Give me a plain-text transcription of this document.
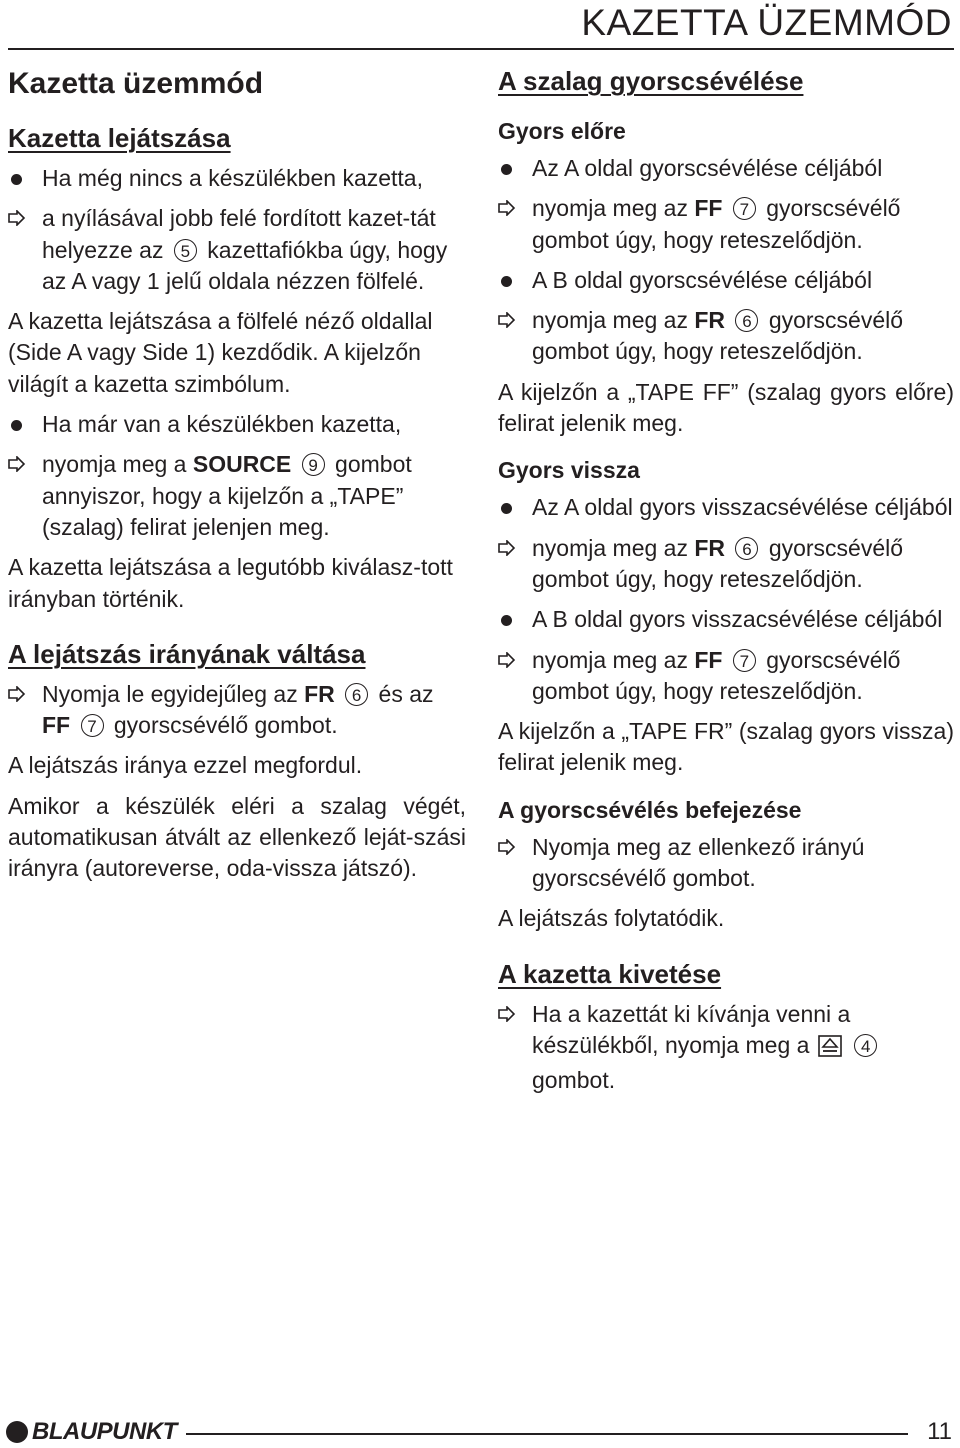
KAZETTA ÜZEMMÓD
Kazetta üzemmód
Kazetta lejátszása
Ha még nincs a készülékben kazetta,
a nyílásával jobb felé fordított kazet-tát helyezze az 5 kazettafiókba úgy, hogy az A vagy 1 jelű oldala nézzen fölfelé.
A kazetta lejátszása a fölfelé néző oldallal (Side A vagy Side 1) kezdődik. A kijelzőn világít a kazetta szimbólum.
Ha már van a készülékben kazetta,
nyomja meg a SOURCE 9 gombot annyiszor, hogy a kijelzőn a „TAPE” (szalag) felirat jelenjen meg.
A kazetta lejátszása a legutóbb kiválasz-tott irányban történik.
A lejátszás irányának váltása
Nyomja le egyidejűleg az FR 6 és az FF 7 gyorscsévélő gombot.
A lejátszás iránya ezzel megfordul.
Amikor a készülék eléri a szalag végét, automatikusan átvált az ellenkező leját-szási irányra (autoreverse, oda-vissza játszó).
A szalag gyorscsévélése
Gyors előre
Az A oldal gyorscsévélése céljából
nyomja meg az FF 7 gyorscsévélő gombot úgy, hogy reteszelődjön.
A B oldal gyorscsévélése céljából
nyomja meg az FR 6 gyorscsévélő gombot úgy, hogy reteszelődjön.
A kijelzőn a „TAPE FF” (szalag gyors előre) felirat jelenik meg.
Gyors vissza
Az A oldal gyors visszacsévélése céljából
nyomja meg az FR 6 gyorscsévélő gombot úgy, hogy reteszelődjön.
A B oldal gyors visszacsévélése céljából
nyomja meg az FF 7 gyorscsévélő gombot úgy, hogy reteszelődjön.
A kijelzőn a „TAPE FR” (szalag gyors vissza) felirat jelenik meg.
A gyorscsévélés befejezése
Nyomja meg az ellenkező irányú gyorscsévélő gombot.
A lejátszás folytatódik.
A kazetta kivetése
Ha a kazettát ki kívánja venni a készülékből, nyomja meg a	4 gombot.
BLAUPUNKT	11
